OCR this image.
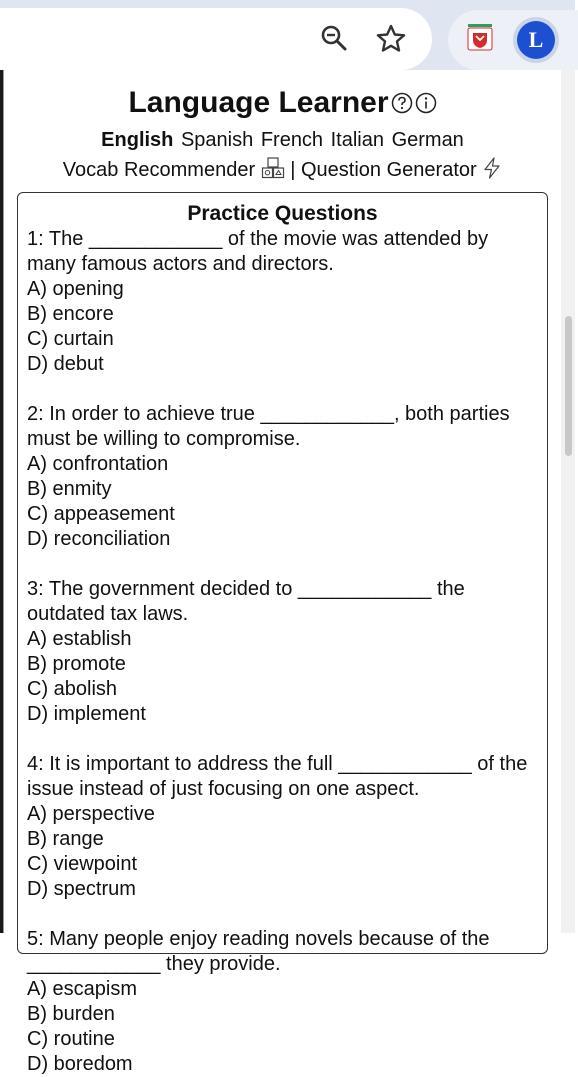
L
Language Learner
English Spanish French Italian German
Vocab Recommender | Question Generator
Practice Questions
1: The ____________ of the movie was attended by many famous actors and directors.
A) opening
B) encore
C) curtain
D) debut
2: In order to achieve true ____________, both parties must be willing to compromise.
A) confrontation
B) enmity
C) appeasement
D) reconciliation
3: The government decided to ____________ the outdated tax laws.
A) establish
B) promote
C) abolish
D) implement
4: It is important to address the full ____________ of the issue instead of just focusing on one aspect.
A) perspective
B) range
C) viewpoint
D) spectrum
5: Many people enjoy reading novels because of the ____________ they provide.
A) escapism
B) burden
C) routine
D) boredom
